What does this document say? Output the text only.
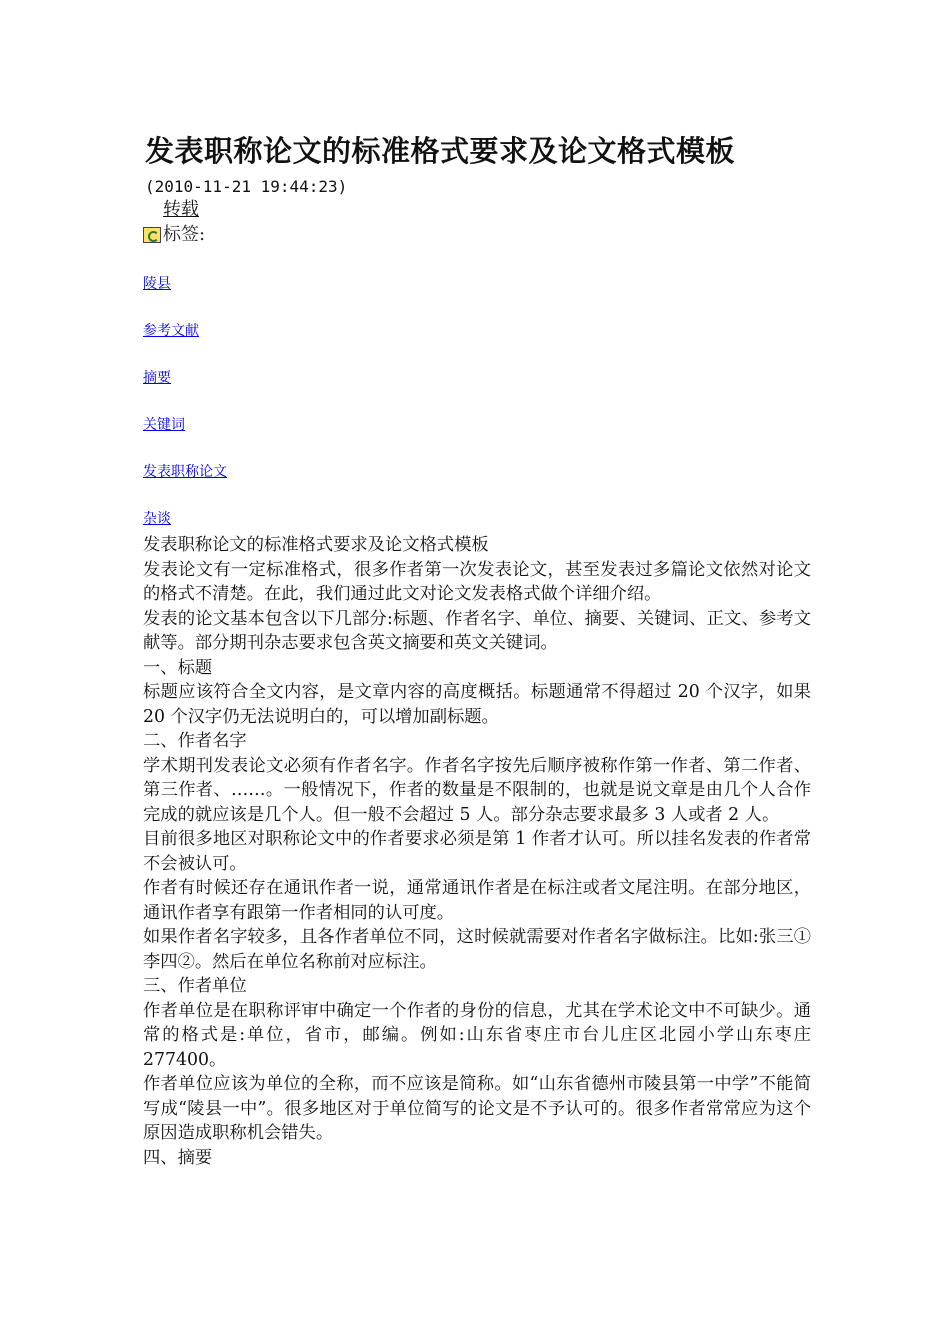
发表职称论文的标准格式要求及论文格式模板
(2010-11-21 19:44:23)
转载
标签:
陵县
参考文献
摘要
关键词
发表职称论文
杂谈

发表职称论文的标准格式要求及论文格式模板

发表论文有一定标准格式，很多作者第一次发表论文，甚至发表过多篇论文依然对论文的格式不清楚。在此，我们通过此文对论文发表格式做个详细介绍。

发表的论文基本包含以下几部分:标题、作者名字、单位、摘要、关键词、正文、参考文献等。部分期刊杂志要求包含英文摘要和英文关键词。

一、标题

标题应该符合全文内容，是文章内容的高度概括。标题通常不得超过 20 个汉字，如果 20 个汉字仍无法说明白的，可以增加副标题。

二、作者名字

学术期刊发表论文必须有作者名字。作者名字按先后顺序被称作第一作者、第二作者、第三作者、……。一般情况下，作者的数量是不限制的，也就是说文章是由几个人合作完成的就应该是几个人。但一般不会超过 5 人。部分杂志要求最多 3 人或者 2 人。

目前很多地区对职称论文中的作者要求必须是第 1 作者才认可。所以挂名发表的作者常不会被认可。

作者有时候还存在通讯作者一说，通常通讯作者是在标注或者文尾注明。在部分地区，通讯作者享有跟第一作者相同的认可度。

如果作者名字较多，且各作者单位不同，这时候就需要对作者名字做标注。比如:张三① 李四②。然后在单位名称前对应标注。

三、作者单位

作者单位是在职称评审中确定一个作者的身份的信息，尤其在学术论文中不可缺少。通常的格式是:单位，省市，邮编。例如:山东省枣庄市台儿庄区北园小学山东枣庄 277400。

作者单位应该为单位的全称，而不应该是简称。如“山东省德州市陵县第一中学”不能简写成“陵县一中”。很多地区对于单位简写的论文是不予认可的。很多作者常常应为这个原因造成职称机会错失。

四、摘要
